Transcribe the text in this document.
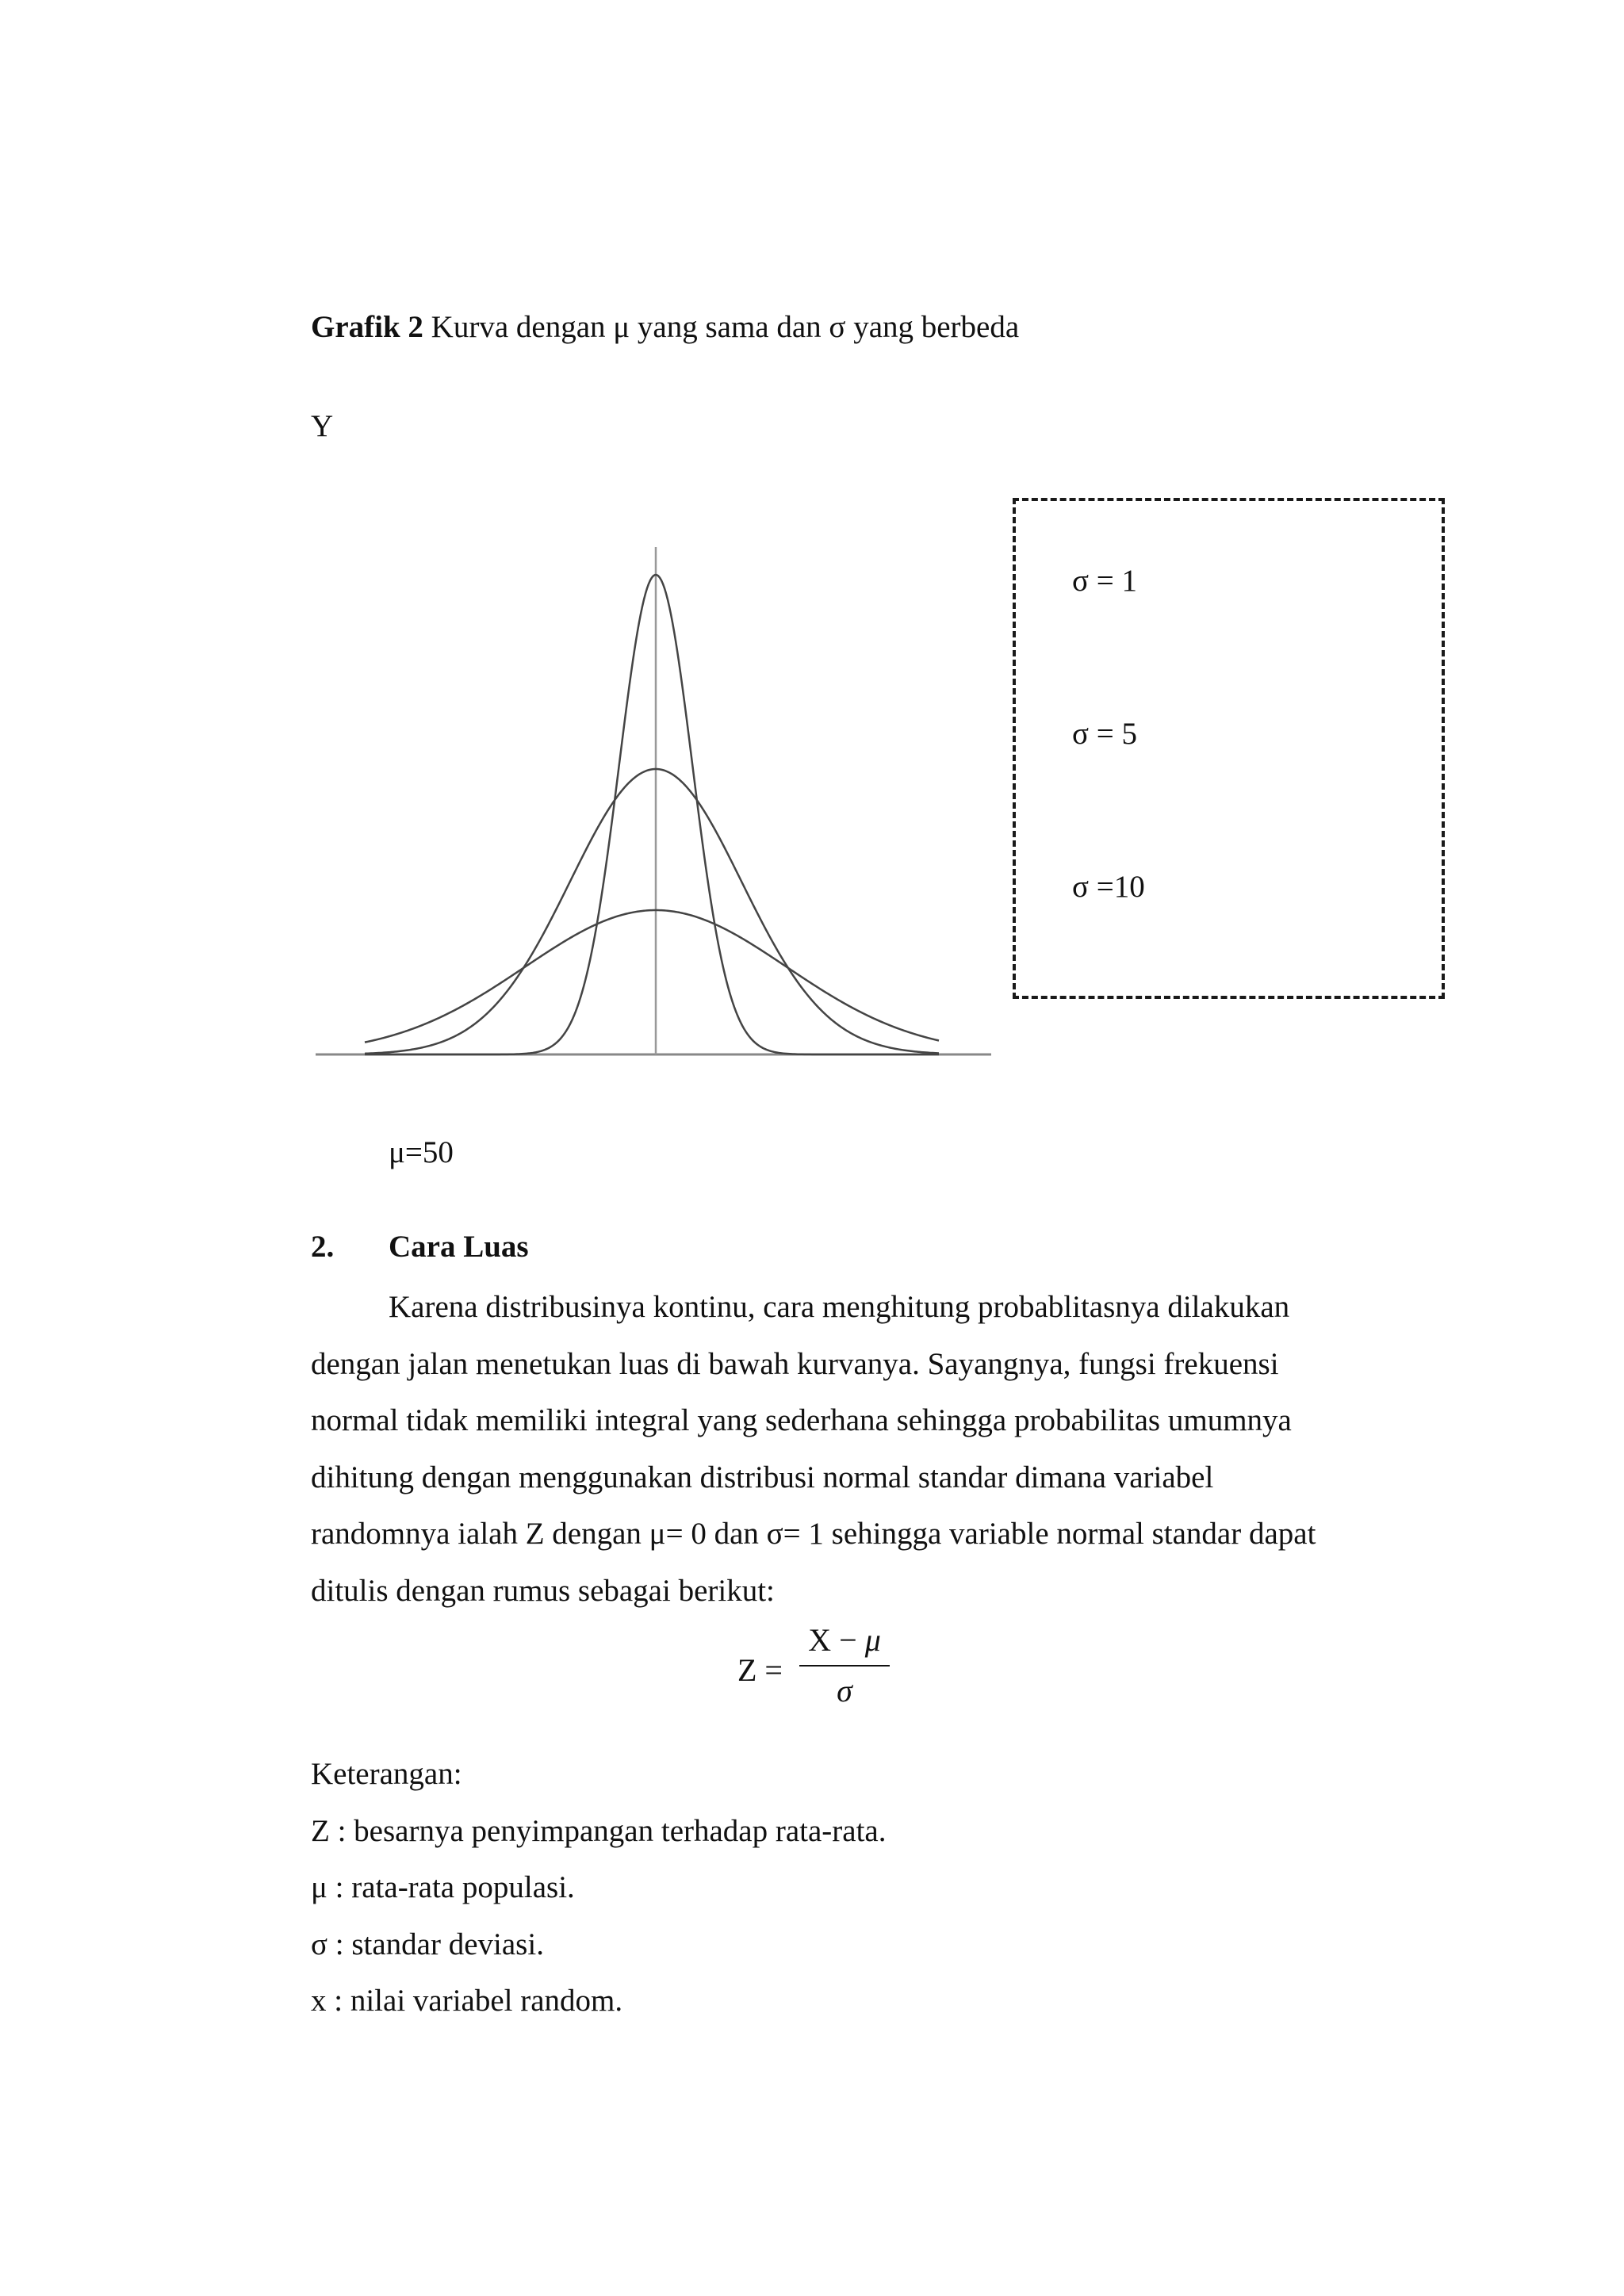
Grafik 2 Kurva dengan μ yang sama dan σ yang berbeda
Y
σ = 1
σ = 5
σ =10
μ=50
2. Cara Luas
Karena distribusinya kontinu, cara menghitung probablitasnya dilakukan
dengan jalan menetukan luas di bawah kurvanya. Sayangnya, fungsi frekuensi
normal tidak memiliki integral yang sederhana sehingga probabilitas umumnya
dihitung dengan menggunakan distribusi normal standar dimana variabel
randomnya ialah Z dengan μ= 0 dan σ= 1 sehingga variable normal standar dapat
ditulis dengan rumus sebagai berikut:
Z =
X − μ
σ
Keterangan:
Z : besarnya penyimpangan terhadap rata-rata.
μ : rata-rata populasi.
σ : standar deviasi.
x : nilai variabel random.
